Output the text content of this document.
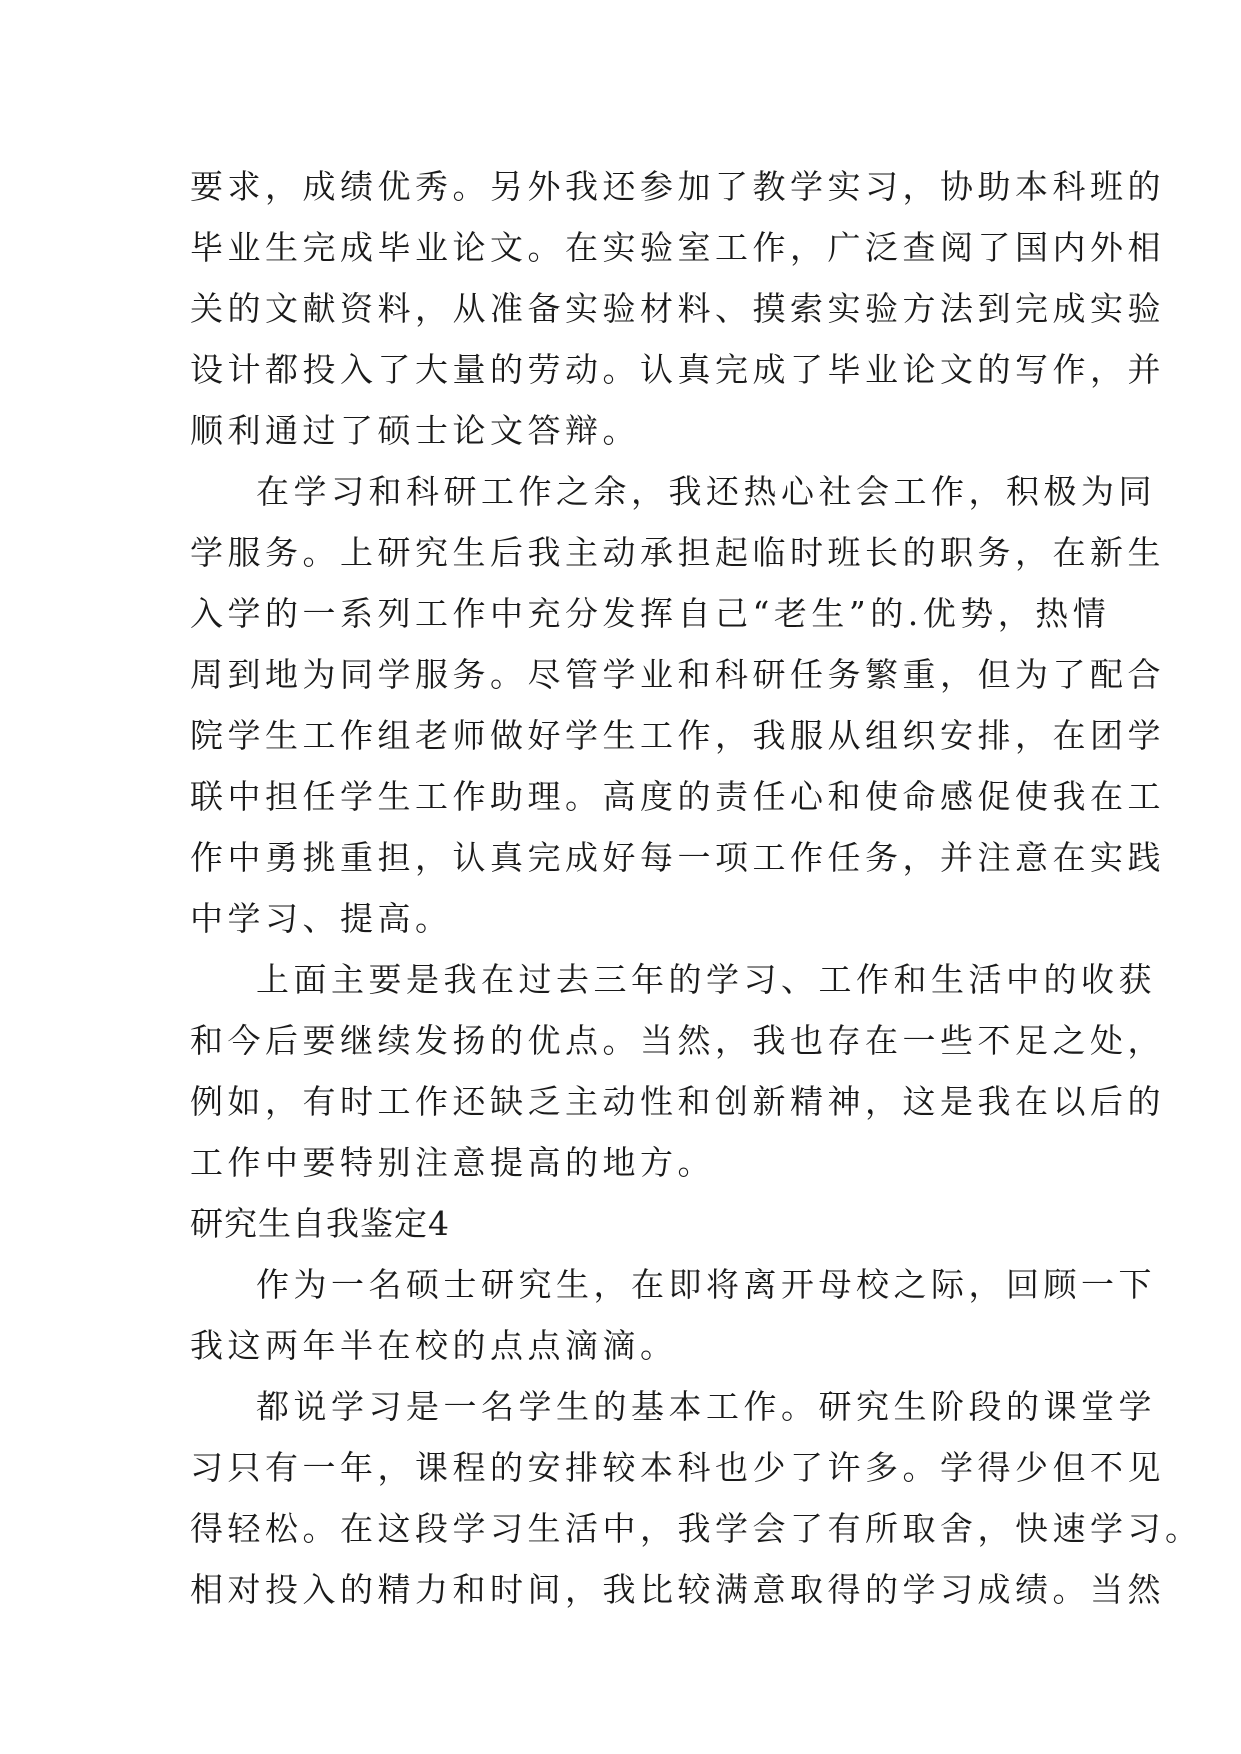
要求，成绩优秀。另外我还参加了教学实习，协助本科班的
毕业生完成毕业论文。在实验室工作，广泛查阅了国内外相
关的文献资料，从准备实验材料、摸索实验方法到完成实验
设计都投入了大量的劳动。认真完成了毕业论文的写作，并
顺利通过了硕士论文答辩。
在学习和科研工作之余，我还热心社会工作，积极为同
学服务。上研究生后我主动承担起临时班长的职务，在新生
入学的一系列工作中充分发挥自己“老生”的.优势，热情
周到地为同学服务。尽管学业和科研任务繁重，但为了配合
院学生工作组老师做好学生工作，我服从组织安排，在团学
联中担任学生工作助理。高度的责任心和使命感促使我在工
作中勇挑重担，认真完成好每一项工作任务，并注意在实践
中学习、提高。
上面主要是我在过去三年的学习、工作和生活中的收获
和今后要继续发扬的优点。当然，我也存在一些不足之处，
例如，有时工作还缺乏主动性和创新精神，这是我在以后的
工作中要特别注意提高的地方。
研究生自我鉴定4
作为一名硕士研究生，在即将离开母校之际，回顾一下
我这两年半在校的点点滴滴。
都说学习是一名学生的基本工作。研究生阶段的课堂学
习只有一年，课程的安排较本科也少了许多。学得少但不见
得轻松。在这段学习生活中，我学会了有所取舍，快速学习。
相对投入的精力和时间，我比较满意取得的学习成绩。当然
